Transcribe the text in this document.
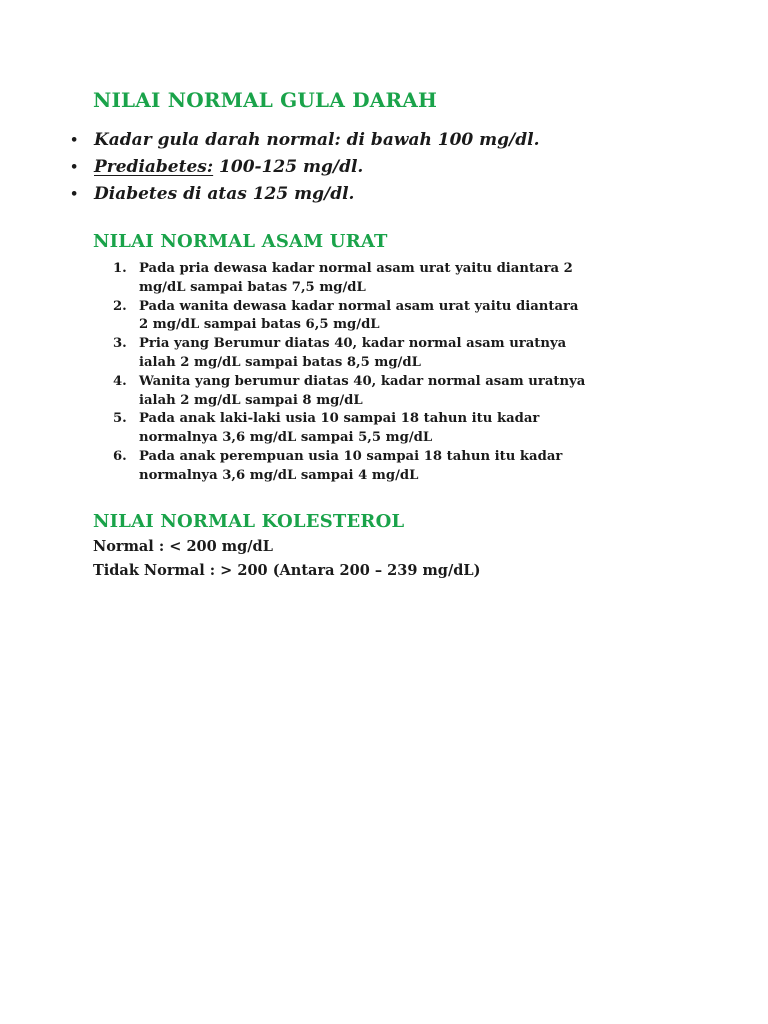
NILAI NORMAL GULA DARAH
• Kadar gula darah normal: di bawah 100 mg/dl.
• Prediabetes: 100-125 mg/dl.
• Diabetes di atas 125 mg/dl.
NILAI NORMAL ASAM URAT
1. Pada pria dewasa kadar normal asam urat yaitu diantara 2
mg/dL sampai batas 7,5 mg/dL
2. Pada wanita dewasa kadar normal asam urat yaitu diantara
2 mg/dL sampai batas 6,5 mg/dL
3. Pria yang Berumur diatas 40, kadar normal asam uratnya
ialah 2 mg/dL sampai batas 8,5 mg/dL
4. Wanita yang berumur diatas 40, kadar normal asam uratnya
ialah 2 mg/dL sampai 8 mg/dL
5. Pada anak laki-laki usia 10 sampai 18 tahun itu kadar
normalnya 3,6 mg/dL sampai 5,5 mg/dL
6. Pada anak perempuan usia 10 sampai 18 tahun itu kadar
normalnya 3,6 mg/dL sampai 4 mg/dL
NILAI NORMAL KOLESTEROL

Normal : < 200 mg/dL

Tidak Normal : > 200 (Antara 200 – 239 mg/dL)
